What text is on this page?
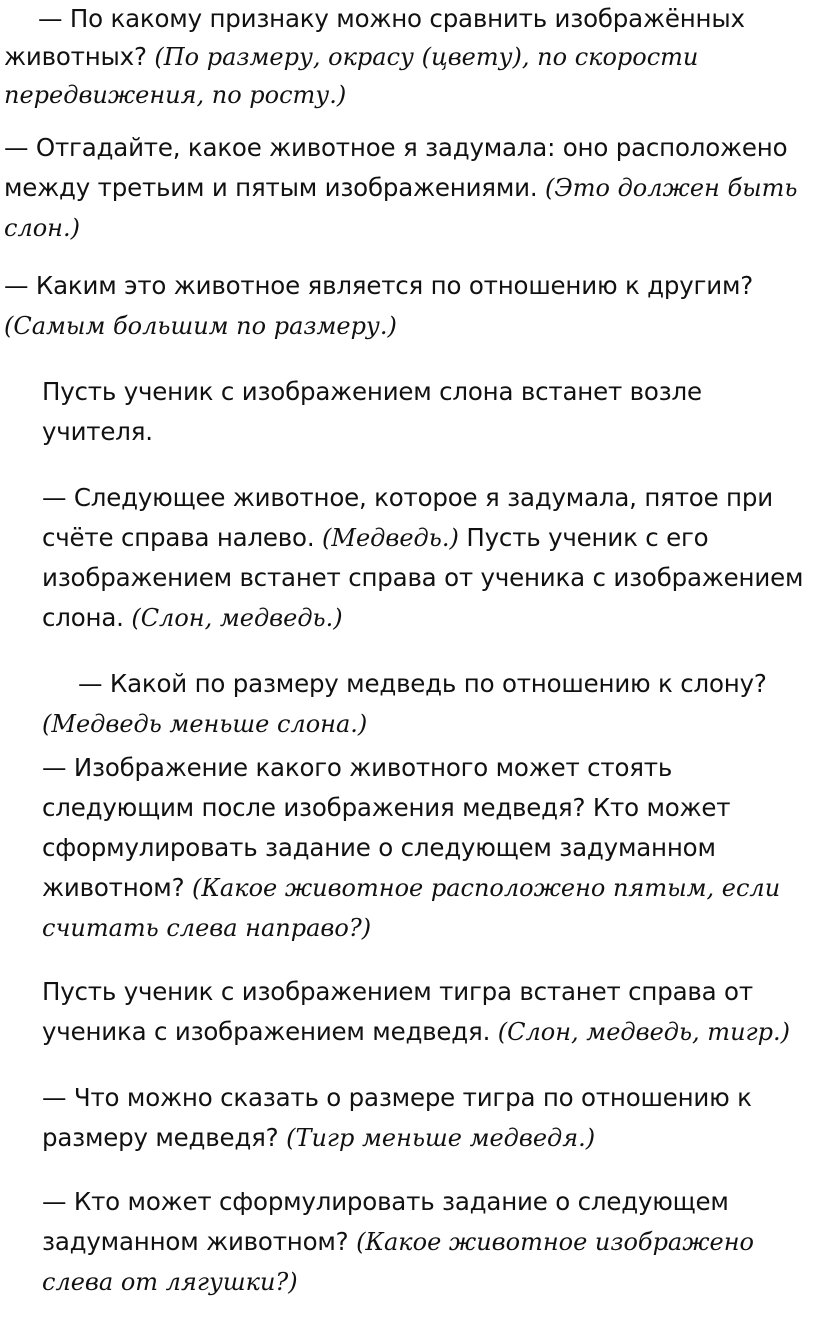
— По какому признаку можно сравнить изображённых животных? (По размеру, окрасу (цвету), по скорости передвижения, по росту.)

— Отгадайте, какое животное я задумала: оно расположено между третьим и пятым изображениями. (Это должен быть слон.)

— Каким это животное является по отношению к другим? (Самым большим по размеру.)

Пусть ученик с изображением слона встанет возле учителя.

— Следующее животное, которое я задумала, пятое при счёте справа налево. (Медведь.) Пусть ученик с его изображением встанет справа от ученика с изображением слона. (Слон, медведь.)

— Какой по размеру медведь по отношению к слону? (Медведь меньше слона.)

— Изображение какого животного может стоять следующим после изображения медведя? Кто может сформулировать задание о следующем задуманном животном? (Какое животное расположено пятым, если считать слева направо?)

Пусть ученик с изображением тигра встанет справа от ученика с изображением медведя. (Слон, медведь, тигр.)

— Что можно сказать о размере тигра по отношению к размеру медведя? (Тигр меньше медведя.)

— Кто может сформулировать задание о следующем задуманном животном? (Какое животное изображено слева от лягушки?)
